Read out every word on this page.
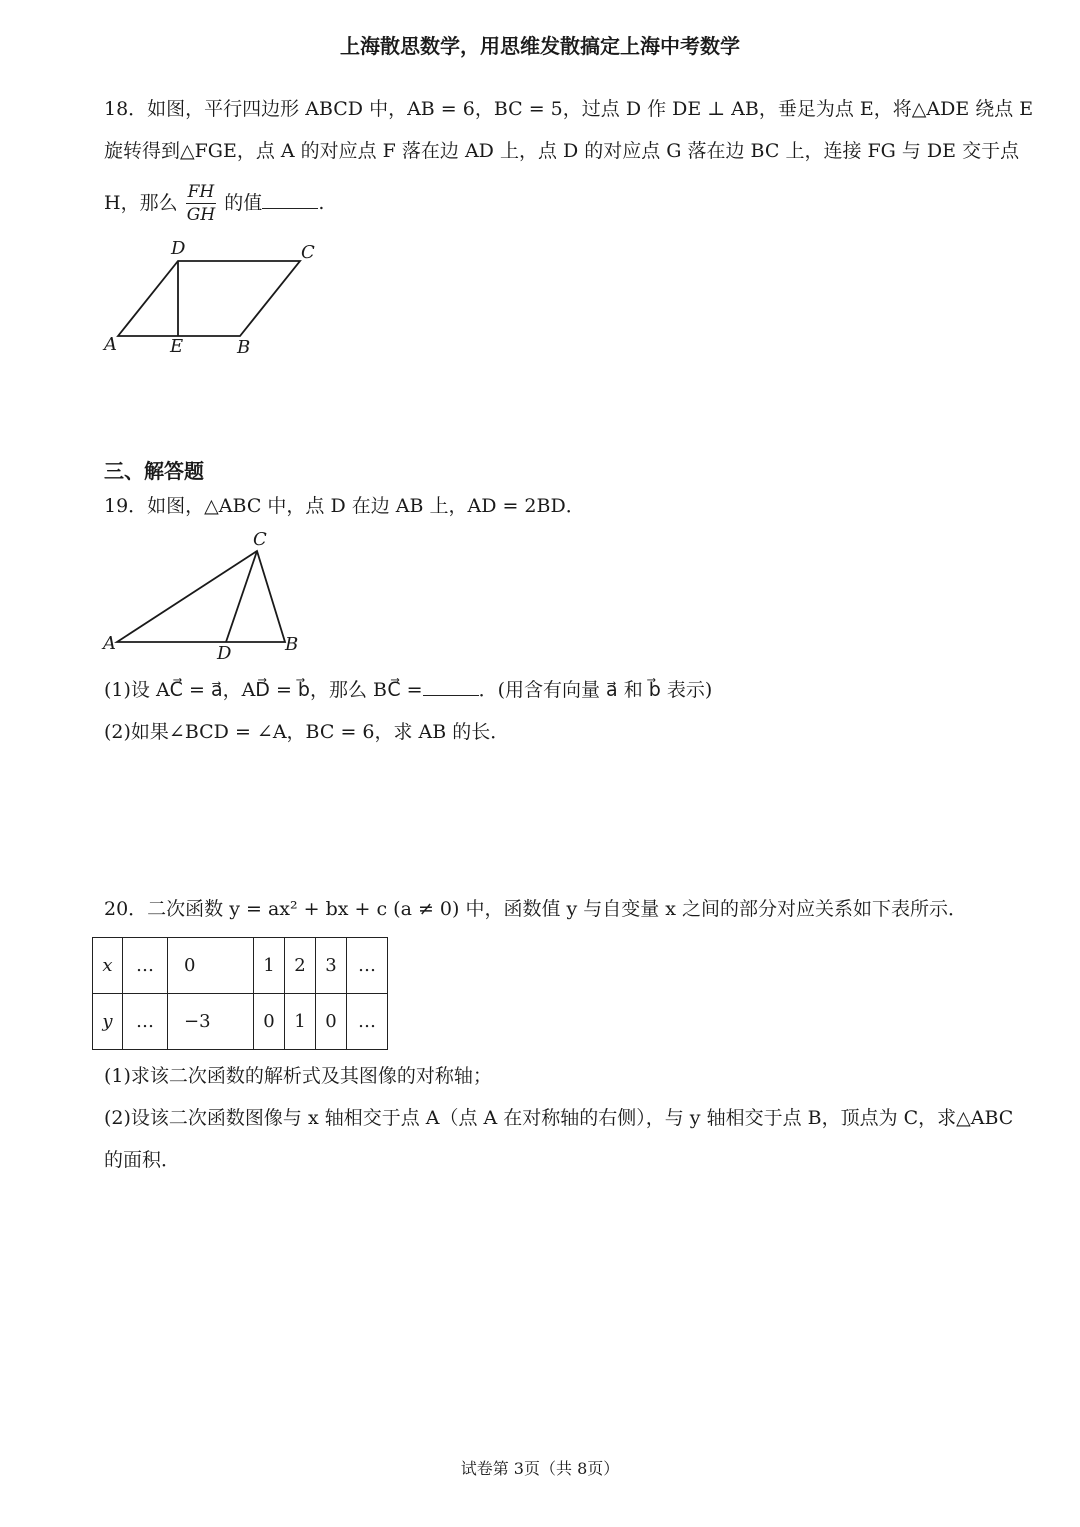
上海散思数学，用思维发散搞定上海中考数学
18．如图，平行四边形 ABCD 中，AB = 6，BC = 5，过点 D 作 DE ⊥ AB，垂足为点 E，将△ADE 绕点 E
旋转得到△FGE，点 A 的对应点 F 落在边 AD 上，点 D 的对应点 G 落在边 BC 上，连接 FG 与 DE 交于点
H，那么 $\frac{FH}{GH}$ 的值	.
D	C
A	E	B
三、解答题
19．如图，△ABC 中，点 D 在边 AB 上，AD = 2BD．
C
A	B
D
(1)设 AC⃗ = a⃗，AD⃗ = b⃗，那么 BC⃗ =	．(用含有向量 a⃗ 和 b⃗ 表示)
(2)如果∠BCD = ∠A，BC = 6，求 AB 的长．
20．二次函数 y = ax² + bx + c (a ≠ 0) 中，函数值 y 与自变量 x 之间的部分对应关系如下表所示．
x	…	0	1	2	3	…
y	…	−3	0	1	0	…
(1)求该二次函数的解析式及其图像的对称轴；
(2)设该二次函数图像与 x 轴相交于点 A（点 A 在对称轴的右侧），与 y 轴相交于点 B，顶点为 C，求△ABC
的面积．
试卷第 3页（共 8页）
